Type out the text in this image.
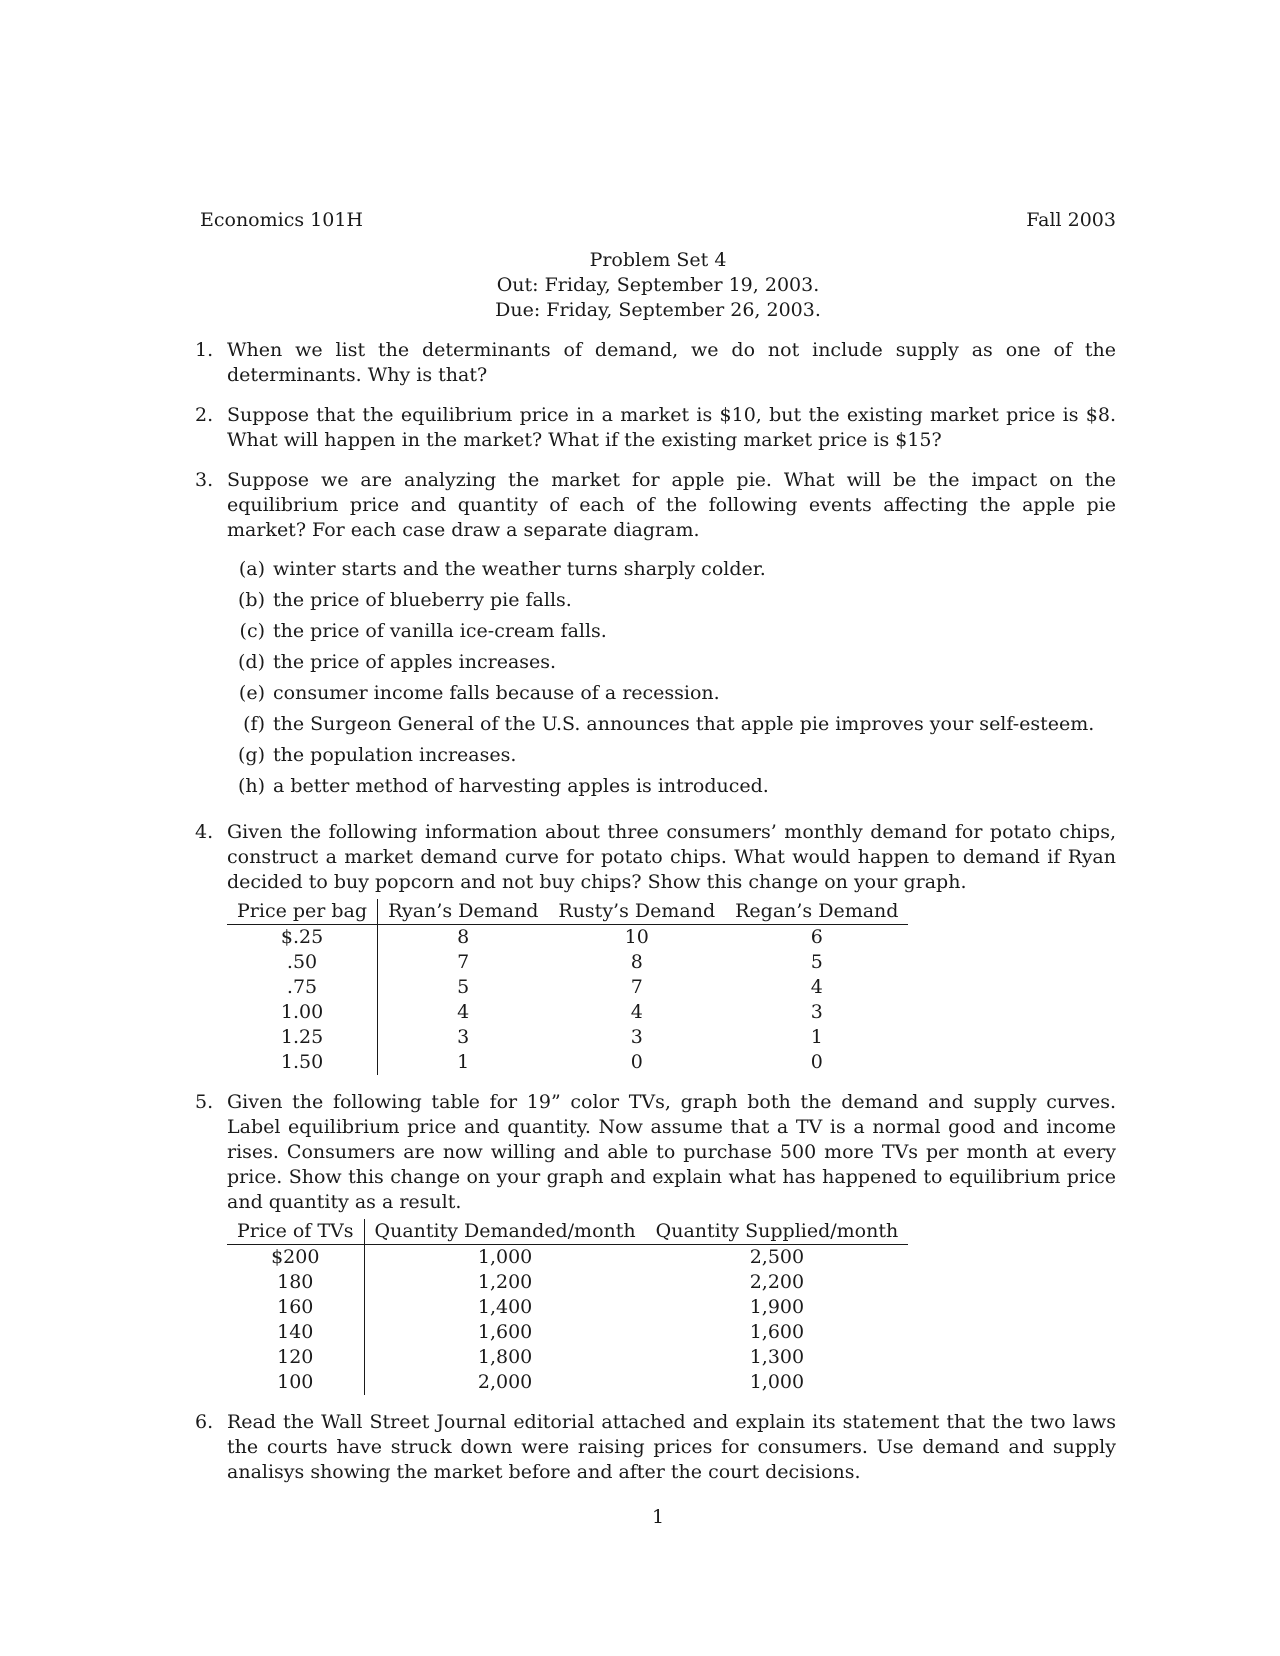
Economics 101H	Fall 2003
Problem Set 4
Out: Friday, September 19, 2003.
Due: Friday, September 26, 2003.
1. When we list the determinants of demand, we do not include supply as one of the determinants. Why is that?
2. Suppose that the equilibrium price in a market is $10, but the existing market price is $8. What will happen in the market? What if the existing market price is $15?
3. Suppose we are analyzing the market for apple pie. What will be the impact on the equilibrium price and quantity of each of the following events affecting the apple pie market? For each case draw a separate diagram.
(a) winter starts and the weather turns sharply colder.
(b) the price of blueberry pie falls.
(c) the price of vanilla ice-cream falls.
(d) the price of apples increases.
(e) consumer income falls because of a recession.
(f) the Surgeon General of the U.S. announces that apple pie improves your self-esteem.
(g) the population increases.
(h) a better method of harvesting apples is introduced.
4. Given the following information about three consumers’ monthly demand for potato chips, construct a market demand curve for potato chips. What would happen to demand if Ryan decided to buy popcorn and not buy chips? Show this change on your graph.
Price per bag	Ryan’s Demand	Rusty’s Demand	Regan’s Demand
$.25	8	10	6
.50	7	8	5
.75	5	7	4
1.00	4	4	3
1.25	3	3	1
1.50	1	0	0
5. Given the following table for 19” color TVs, graph both the demand and supply curves. Label equilibrium price and quantity. Now assume that a TV is a normal good and income rises. Consumers are now willing and able to purchase 500 more TVs per month at every price. Show this change on your graph and explain what has happened to equilibrium price and quantity as a result.
Price of TVs	Quantity Demanded/month	Quantity Supplied/month
$200	1,000	2,500
180	1,200	2,200
160	1,400	1,900
140	1,600	1,600
120	1,800	1,300
100	2,000	1,000
6. Read the Wall Street Journal editorial attached and explain its statement that the two laws the courts have struck down were raising prices for consumers. Use demand and supply analisys showing the market before and after the court decisions.
1
